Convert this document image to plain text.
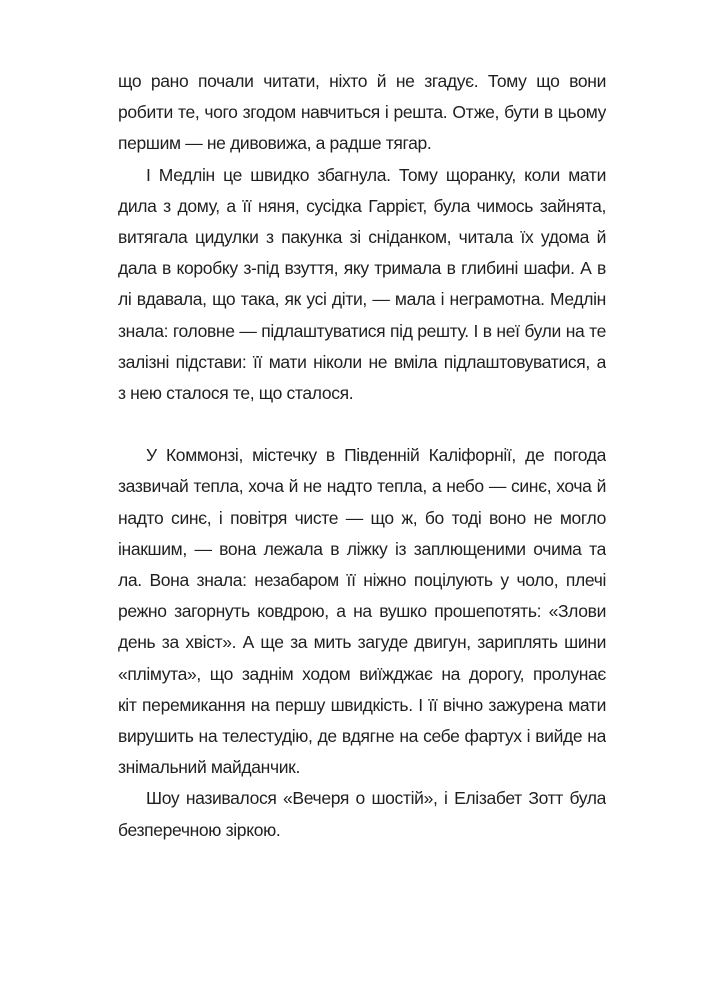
що рано почали читати, ніхто й не згадує. Тому що вони
робити те, чого згодом навчиться і решта. Отже, бути в цьому
першим — не дивовижа, а радше тягар.
І Медлін це швидко збагнула. Тому щоранку, коли мати
дила з дому, а її няня, сусідка Гаррієт, була чимось зайнята,
витягала цидулки з пакунка зі сніданком, читала їх удома й
дала в коробку з-під взуття, яку тримала в глибині шафи. А в
лі вдавала, що така, як усі діти, — мала і неграмотна. Медлін
знала: головне — підлаштуватися під решту. І в неї були на те
залізні підстави: її мати ніколи не вміла підлаштовуватися, а
з нею сталося те, що сталося.
У Коммонзі, містечку в Південній Каліфорнії, де погода
зазвичай тепла, хоча й не надто тепла, а небо — синє, хоча й
надто синє, і повітря чисте — що ж, бо тоді воно не могло
інакшим, — вона лежала в ліжку із заплющеними очима та
ла. Вона знала: незабаром її ніжно поцілують у чоло, плечі
режно загорнуть ковдрою, а на вушко прошепотять: «Злови
день за хвіст». А ще за мить загуде двигун, зариплять шини
«плімута», що заднім ходом виїжджає на дорогу, пролунає
кіт перемикання на першу швидкість. І її вічно зажурена мати
вирушить на телестудію, де вдягне на себе фартух і вийде на
знімальний майданчик.
Шоу називалося «Вечеря о шостій», і Елізабет Зотт була
безперечною зіркою.
